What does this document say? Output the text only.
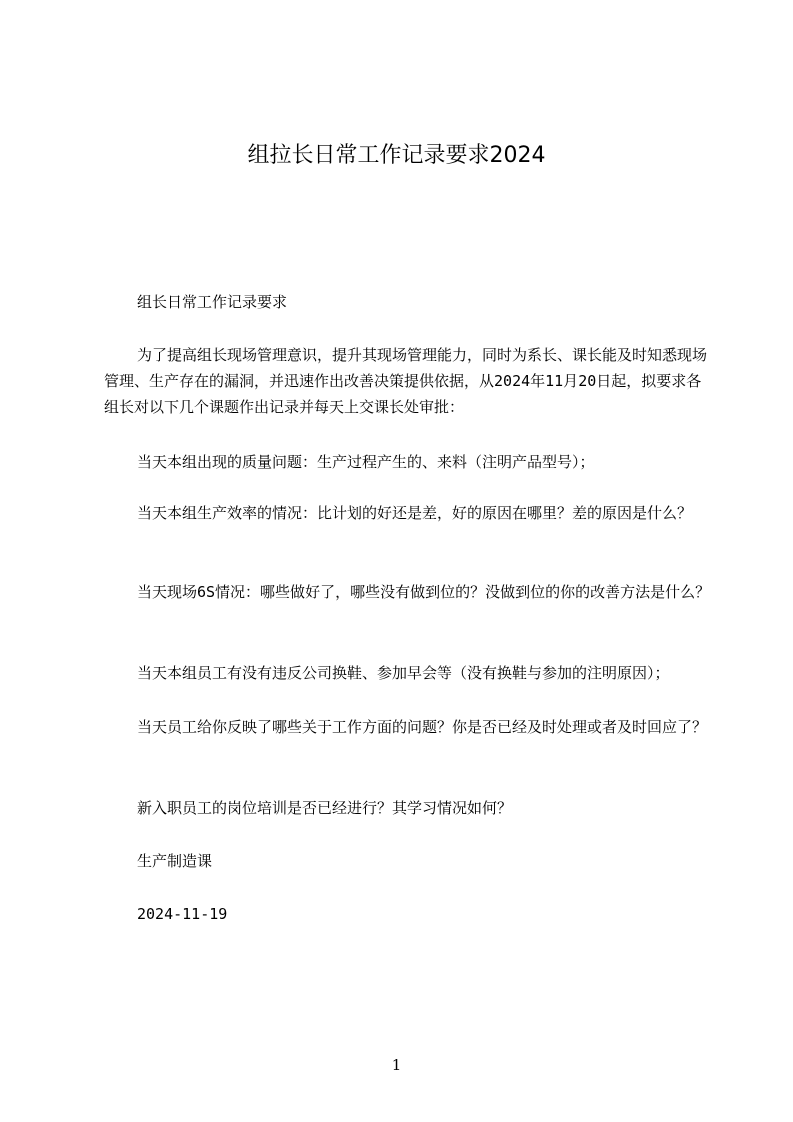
组拉长日常工作记录要求2024
组长日常工作记录要求
为了提高组长现场管理意识，提升其现场管理能力，同时为系长、课长能及时知悉现场管理、生产存在的漏洞，并迅速作出改善决策提供依据，从2024年11月20日起，拟要求各组长对以下几个课题作出记录并每天上交课长处审批：
当天本组出现的质量问题：生产过程产生的、来料（注明产品型号）；
当天本组生产效率的情况：比计划的好还是差，好的原因在哪里？差的原因是什么？
当天现场6S情况：哪些做好了，哪些没有做到位的？没做到位的你的改善方法是什么？
当天本组员工有没有违反公司换鞋、参加早会等（没有换鞋与参加的注明原因）；
当天员工给你反映了哪些关于工作方面的问题？你是否已经及时处理或者及时回应了？
新入职员工的岗位培训是否已经进行？其学习情况如何？
生产制造课
2024-11-19
1
